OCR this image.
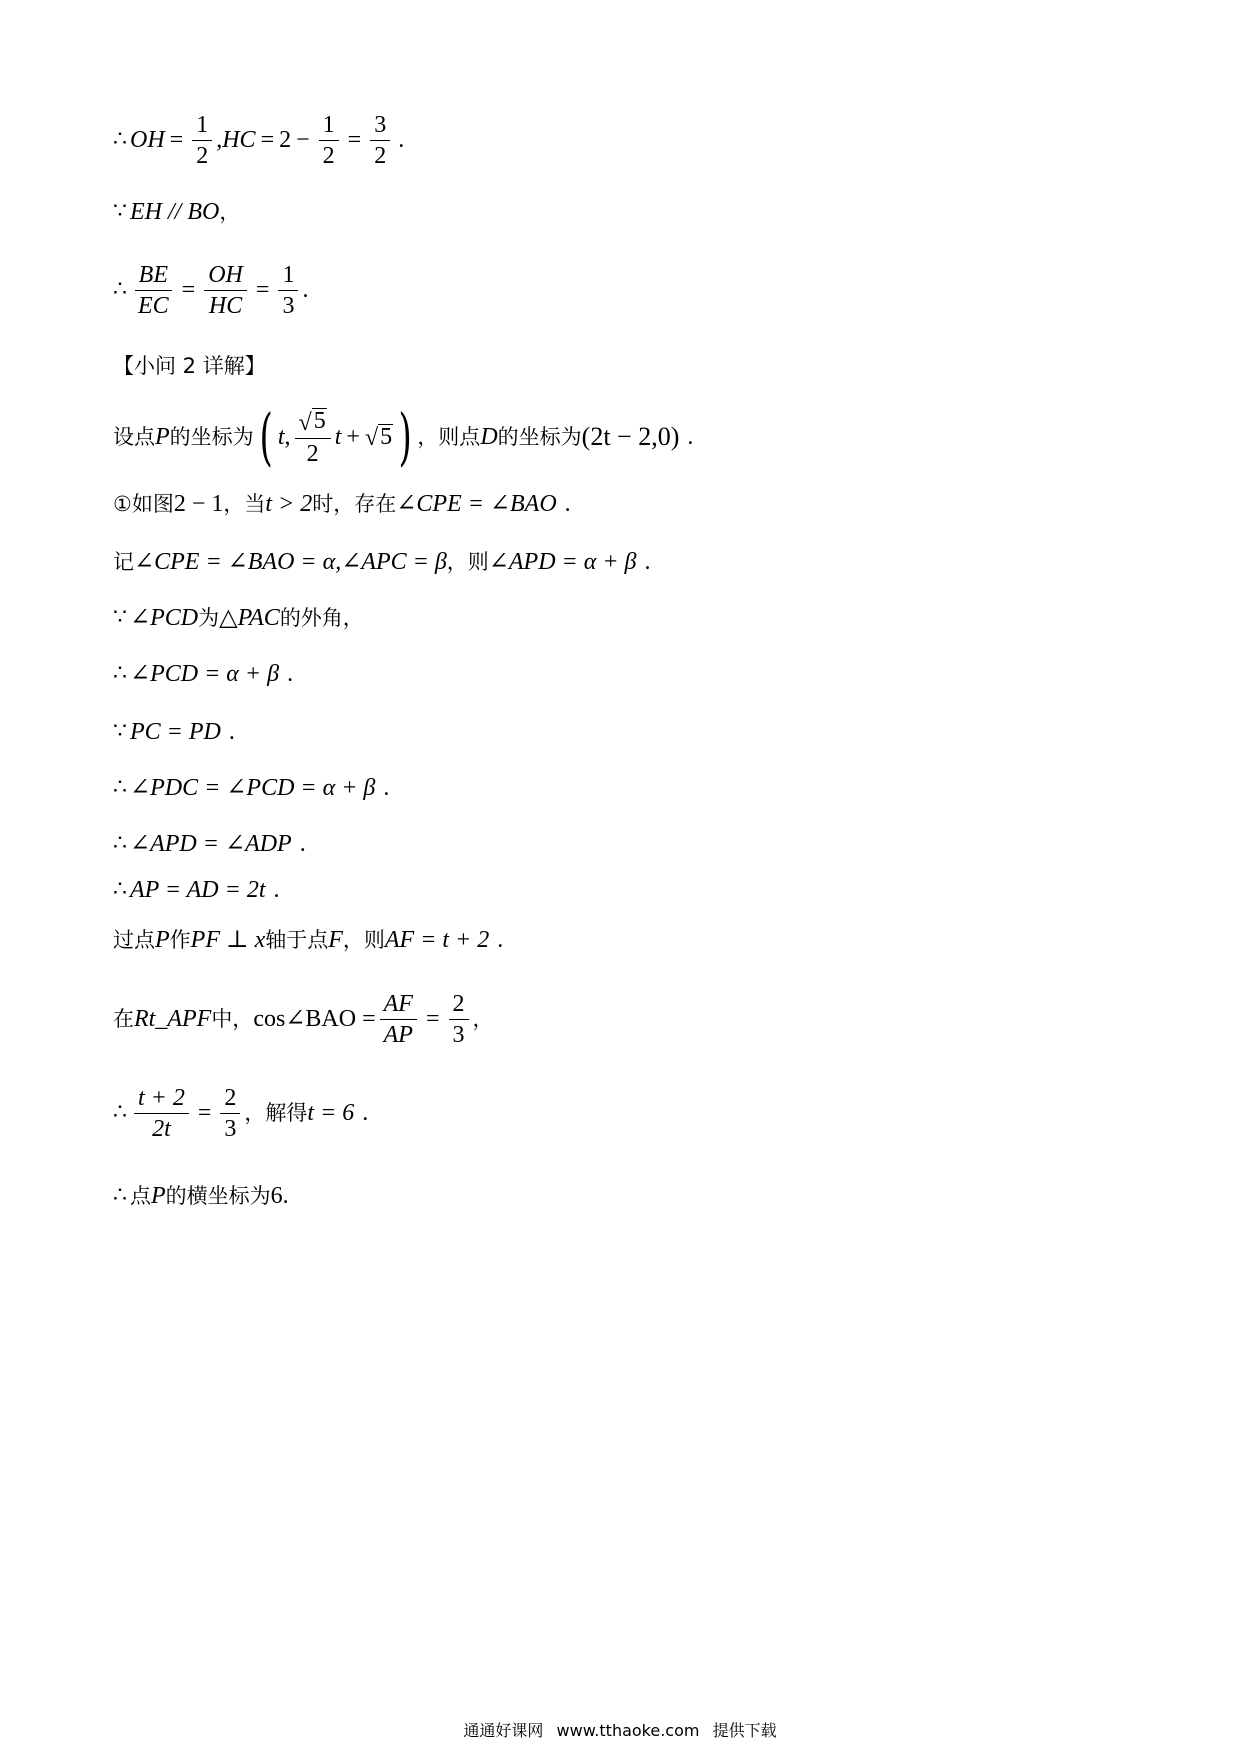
∴ OH = $\frac{1}{2}$ , HC = $2 - \frac{1}{2} = \frac{3}{2}$ .
∵ EH // BO ，
∴ $\frac{BE}{EC} = \frac{OH}{HC} = \frac{1}{3}$ .
【小问 2 详解】
设点 P 的坐标为 ( t , $\frac{√ 5}{2}$ t + √ 5 ) ，则点 D 的坐标为 (2t − 2,0) .
①如图 2 − 1 ，当 t > 2 时，存在 ∠CPE = ∠BAO .
记 ∠CPE = ∠BAO = α,∠APC = β ，则 ∠APD = α + β .
∵ ∠PCD 为 △PAC 的外角，
∴ ∠PCD = α + β .
∵ PC = PD .
∴ ∠PDC = ∠PCD = α + β .
∴ ∠APD = ∠ADP .
∴ AP = AD = 2t .
过点 P 作 PF ⊥ x 轴于点 F ，则 AF = t + 2 .
在 Rt_APF 中， cos∠BAO = $\frac{AF}{AP} = \frac{2}{3}$ ，
∴ $\frac{t + 2}{2t} = \frac{2}{3}$ ，解得 t = 6 .
∴ 点 P 的横坐标为 6.
通通好课网 www.tthaoke.com 提供下载
